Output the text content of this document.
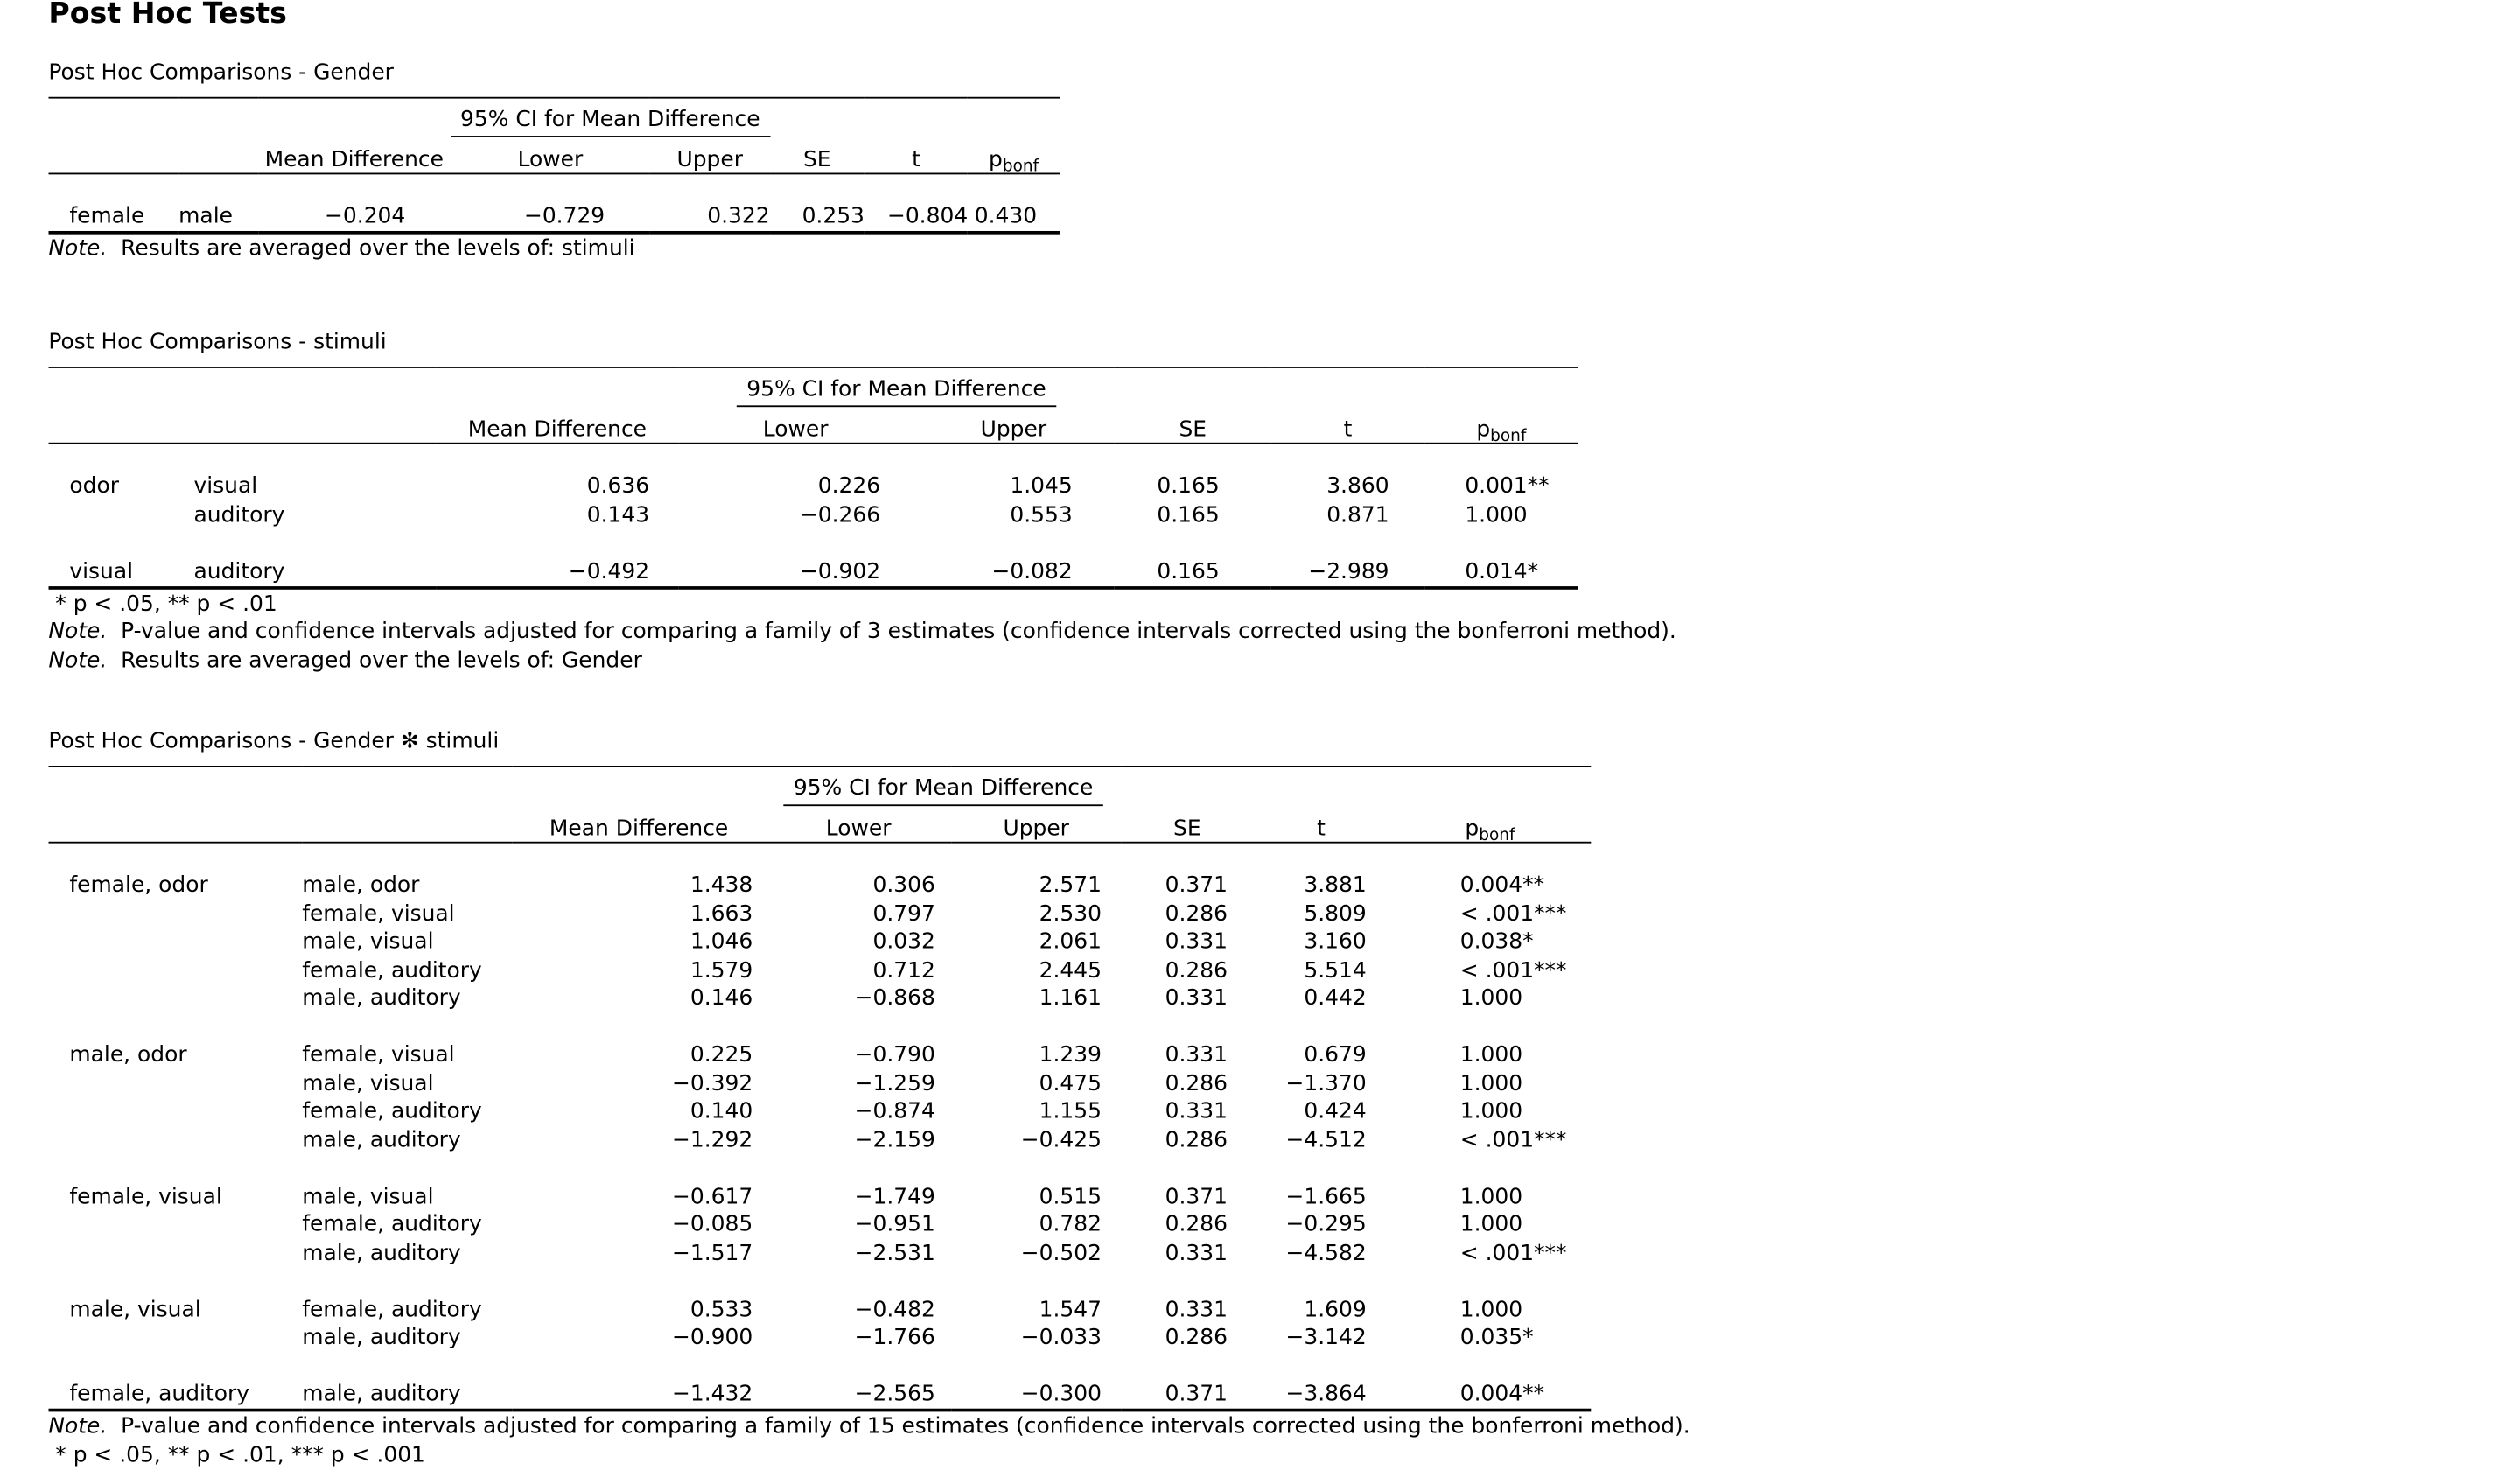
Post Hoc Tests
Post Hoc Comparisons - Gender
			95% CI for Mean Difference				
		Mean Difference	Lower	Upper	SE	t	$p_{bonf}$

female	male	−0.204	−0.729	0.322	0.253	−0.804	0.430
Note. Results are averaged over the levels of: stimuli
Post Hoc Comparisons - stimuli
			95% CI for Mean Difference				
		Mean Difference	Lower	Upper	SE	t	$p_{bonf}$

odor	visual	0.636	0.226	1.045	0.165	3.860	0.001**
	auditory	0.143	−0.266	0.553	0.165	0.871	1.000

visual	auditory	−0.492	−0.902	−0.082	0.165	−2.989	0.014*
* p < .05, ** p < .01
Note. P-value and confidence intervals adjusted for comparing a family of 3 estimates (confidence intervals corrected using the bonferroni method).
Note. Results are averaged over the levels of: Gender
Post Hoc Comparisons - Gender ✻ stimuli
			95% CI for Mean Difference				
		Mean Difference	Lower	Upper	SE	t	$p_{bonf}$

female, odor	male, odor	1.438	0.306	2.571	0.371	3.881	0.004**
	female, visual	1.663	0.797	2.530	0.286	5.809	< .001***
	male, visual	1.046	0.032	2.061	0.331	3.160	0.038*
	female, auditory	1.579	0.712	2.445	0.286	5.514	< .001***
	male, auditory	0.146	−0.868	1.161	0.331	0.442	1.000

male, odor	female, visual	0.225	−0.790	1.239	0.331	0.679	1.000
	male, visual	−0.392	−1.259	0.475	0.286	−1.370	1.000
	female, auditory	0.140	−0.874	1.155	0.331	0.424	1.000
	male, auditory	−1.292	−2.159	−0.425	0.286	−4.512	< .001***

female, visual	male, visual	−0.617	−1.749	0.515	0.371	−1.665	1.000
	female, auditory	−0.085	−0.951	0.782	0.286	−0.295	1.000
	male, auditory	−1.517	−2.531	−0.502	0.331	−4.582	< .001***

male, visual	female, auditory	0.533	−0.482	1.547	0.331	1.609	1.000
	male, auditory	−0.900	−1.766	−0.033	0.286	−3.142	0.035*

female, auditory	male, auditory	−1.432	−2.565	−0.300	0.371	−3.864	0.004**
Note. P-value and confidence intervals adjusted for comparing a family of 15 estimates (confidence intervals corrected using the bonferroni method).
* p < .05, ** p < .01, *** p < .001
